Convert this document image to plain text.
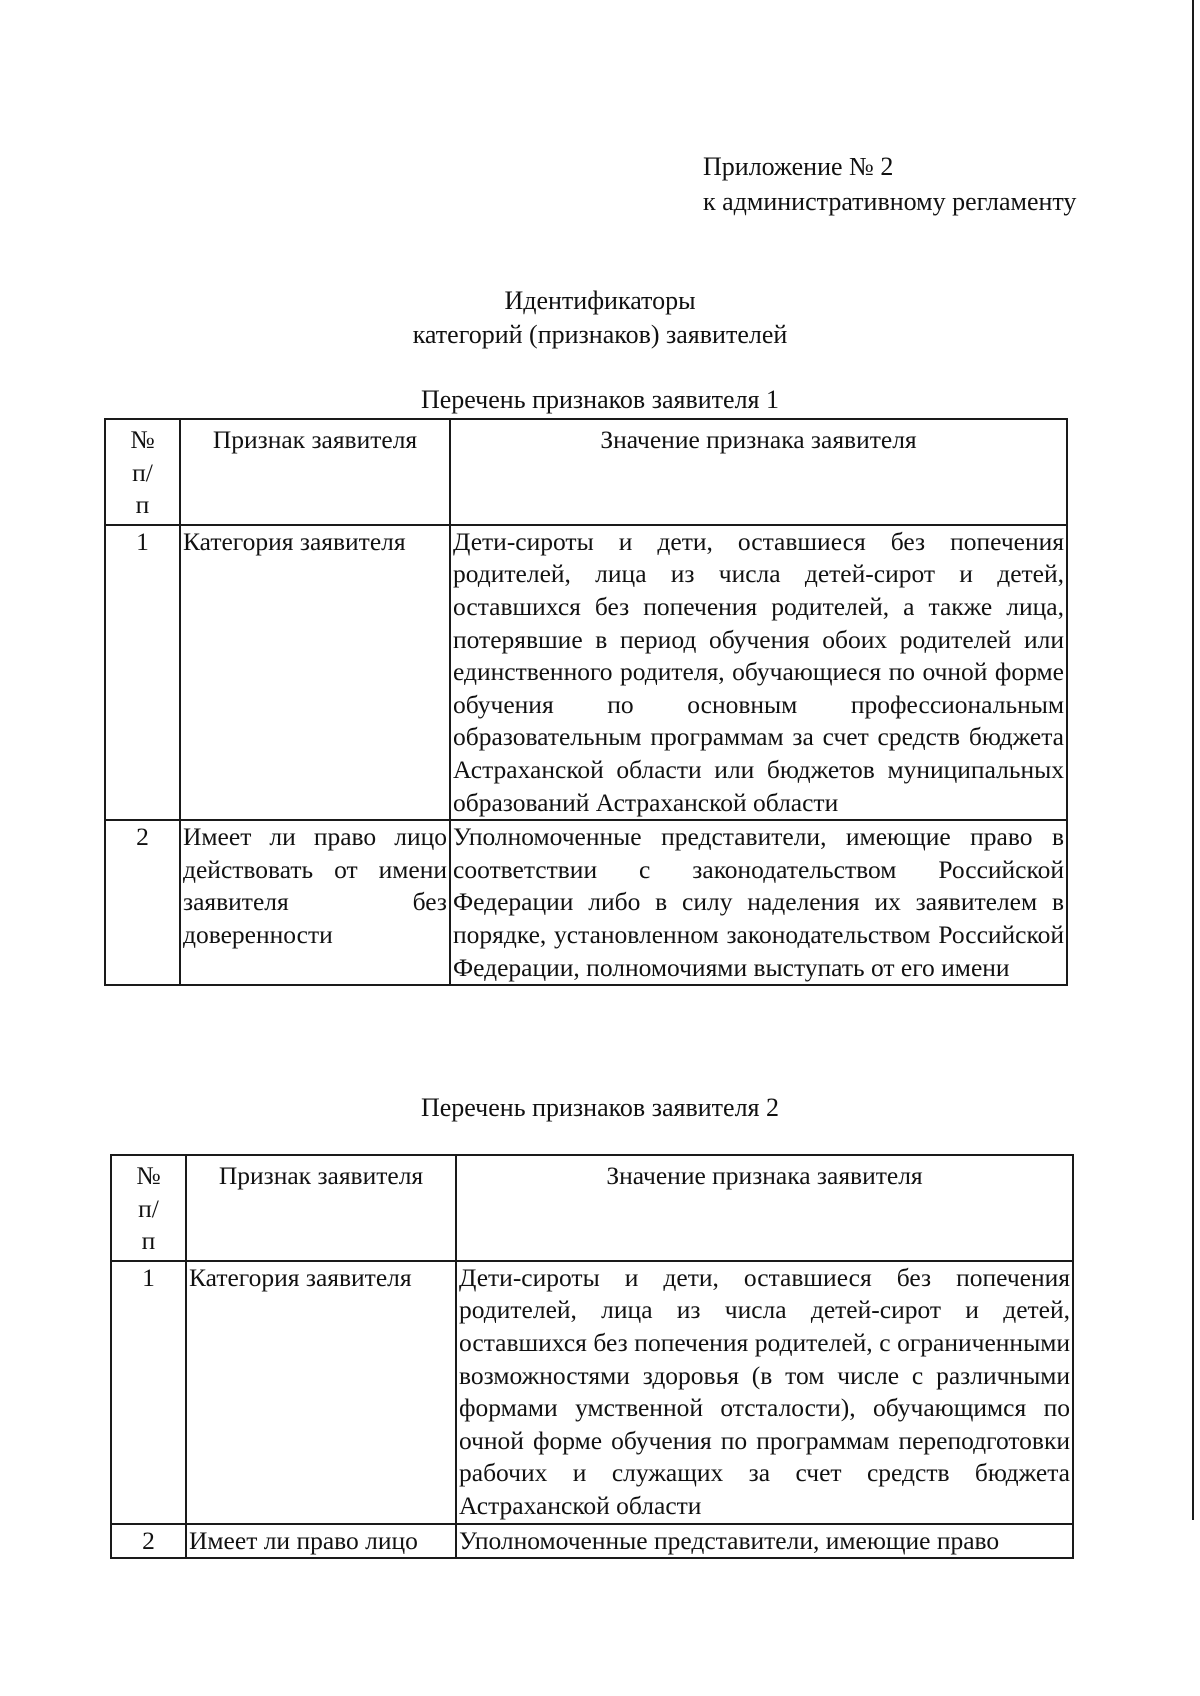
Приложение № 2
к административному регламенту
Идентификаторы
категорий (признаков) заявителей
Перечень признаков заявителя 1
№ п/п	Признак заявителя	Значение признака заявителя
1	Категория заявителя	Дети-сироты и дети, оставшиеся без попечения родителей, лица из числа детей-сирот и детей, оставшихся без попечения родителей, а также лица, потерявшие в период обучения обоих родителей или единственного родителя, обучающиеся по очной форме обучения по основным профессиональным образовательным программам за счет средств бюджета Астраханской области или бюджетов муниципальных образований Астраханской области
2	Имеет ли право лицо действовать от имени заявителя без доверенности	Уполномоченные представители, имеющие право в соответствии с законодательством Российской Федерации либо в силу наделения их заявителем в порядке, установленном законодательством Российской Федерации, полномочиями выступать от его имени
Перечень признаков заявителя 2
№ п/п	Признак заявителя	Значение признака заявителя
1	Категория заявителя	Дети-сироты и дети, оставшиеся без попечения родителей, лица из числа детей-сирот и детей, оставшихся без попечения родителей, с ограниченными возможностями здоровья (в том числе с различными формами умственной отсталости), обучающимся по очной форме обучения по программам переподготовки рабочих и служащих за счет средств бюджета Астраханской области
2	Имеет ли право лицо	Уполномоченные представители, имеющие право
